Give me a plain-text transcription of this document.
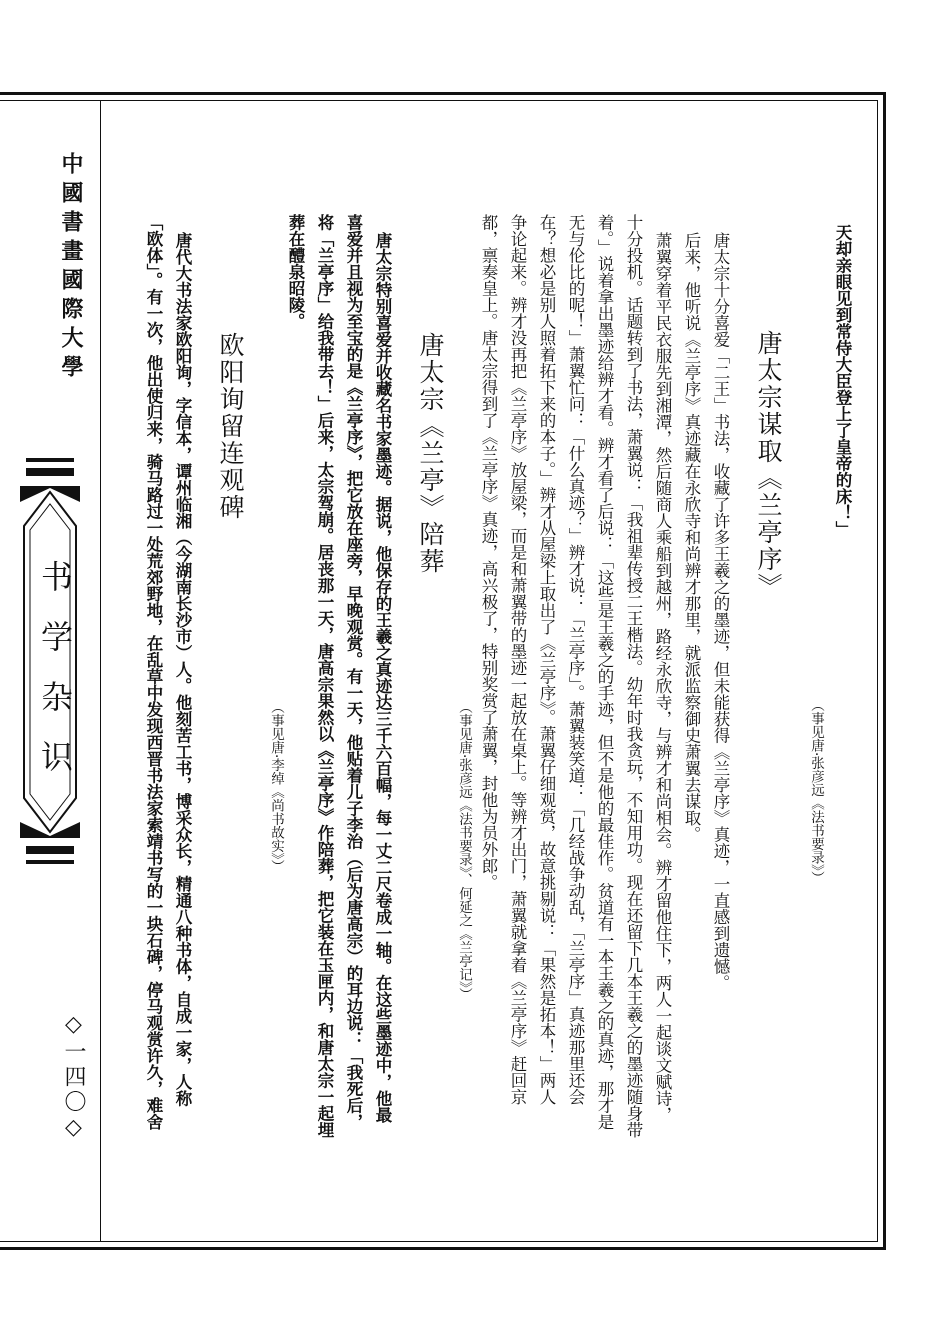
中國書畫國際大學
书学杂识
◇一四〇◇
天却亲眼见到常侍大臣登上了皇帝的床！」
（事见唐·张彦远《法书要录》）
唐太宗谋取《兰亭序》
唐太宗十分喜爱「二王」书法，收藏了许多王羲之的墨迹，但未能获得《兰亭序》真迹，一直感到遗憾。
后来，他听说《兰亭序》真迹藏在永欣寺和尚辨才那里，就派监察御史萧翼去谋取。
萧翼穿着平民衣服先到湘潭，然后随商人乘船到越州，路经永欣寺，与辨才和尚相会。辨才留他住下，两人一起谈文赋诗，
十分投机。话题转到了书法，萧翼说：「我祖辈传授二王楷法。幼年时我贪玩，不知用功。现在还留下几本王羲之的墨迹随身带
着。」说着拿出墨迹给辨才看。辨才看了后说：「这些是王羲之的手迹，但不是他的最佳作。贫道有一本王羲之的真迹，那才是
无与伦比的呢！」萧翼忙问：「什么真迹？」辨才说：「兰亭序」。萧翼装笑道：「几经战争动乱，「兰亭序」真迹那里还会
在？想必是别人照着拓下来的本子。」辨才从屋梁上取出了《兰亭序》。萧翼仔细观赏，故意挑剔说：「果然是拓本！」两人
争论起来。辨才没再把《兰亭序》放屋梁，而是和萧翼带的墨迹一起放在桌上。等辨才出门，萧翼就拿着《兰亭序》赶回京
都，禀奏皇上。唐太宗得到了《兰亭序》真迹，高兴极了，特别奖赏了萧翼，封他为员外郎。
（事见唐·张彦远《法书要录》、何延之《兰亭记》）
唐太宗《兰亭》陪葬
唐太宗特别喜爱并收藏名书家墨迹。据说，他保存的王羲之真迹达三千六百幅，每一丈二尺卷成一轴。在这些墨迹中，他最
喜爱并且视为至宝的是《兰亭序》，把它放在座旁，早晚观赏。有一天，他贴着儿子李治（后为唐高宗）的耳边说：「我死后，
将「兰亭序」给我带去！」后来，太宗驾崩。居丧那一天，唐高宗果然以《兰亭序》作陪葬，把它装在玉匣内，和唐太宗一起埋
葬在醴泉昭陵。
（事见唐·李绰《尚书故实》）
欧阳询留连观碑
唐代大书法家欧阳询，字信本，谭州临湘（今湖南长沙市）人。他刻苦工书，博采众长，精通八种书体，自成一家，人称
「欧体」。有一次，他出使归来，骑马路过一处荒郊野地，在乱草中发现西晋书法家索靖书写的一块石碑，停马观赏许久，难舍
